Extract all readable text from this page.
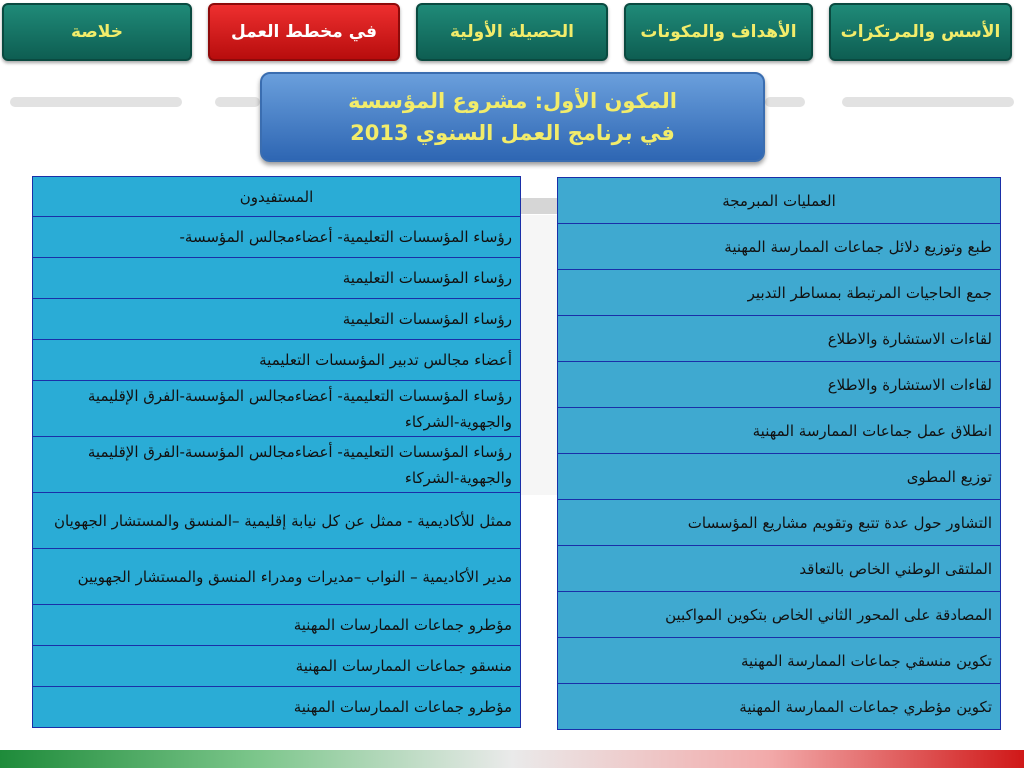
الأسس والمرتكزات
الأهداف والمكونات
الحصيلة الأولية
في مخطط العمل
خلاصة
المكون الأول: مشروع المؤسسة
في برنامج العمل السنوي 2013
المستفيدون
رؤساء المؤسسات التعليمية- أعضاءمجالس المؤسسة-
رؤساء المؤسسات التعليمية
رؤساء المؤسسات التعليمية
أعضاء مجالس تدبير المؤسسات التعليمية
رؤساء المؤسسات التعليمية- أعضاءمجالس المؤسسة-الفرق الإقليمية والجهوية-الشركاء
رؤساء المؤسسات التعليمية- أعضاءمجالس المؤسسة-الفرق الإقليمية والجهوية-الشركاء
ممثل للأكاديمية - ممثل عن كل نيابة إقليمية –المنسق والمستشار الجهويان
مدير الأكاديمية – النواب –مديرات ومدراء المنسق والمستشار الجهويين
مؤطرو جماعات الممارسات المهنية
منسقو جماعات الممارسات المهنية
مؤطرو جماعات الممارسات المهنية
العمليات المبرمجة
طبع وتوزيع دلائل جماعات الممارسة المهنية
جمع الحاجيات المرتبطة بمساطر التدبير
لقاءات الاستشارة والاطلاع
لقاءات الاستشارة والاطلاع
انطلاق عمل جماعات الممارسة المهنية
توزيع المطوى
التشاور حول عدة تتبع وتقويم مشاريع المؤسسات
الملتقى الوطني الخاص بالتعاقد
المصادقة على المحور الثاني الخاص بتكوين المواكبين
تكوين منسقي جماعات الممارسة المهنية
تكوين مؤطري جماعات الممارسة المهنية
